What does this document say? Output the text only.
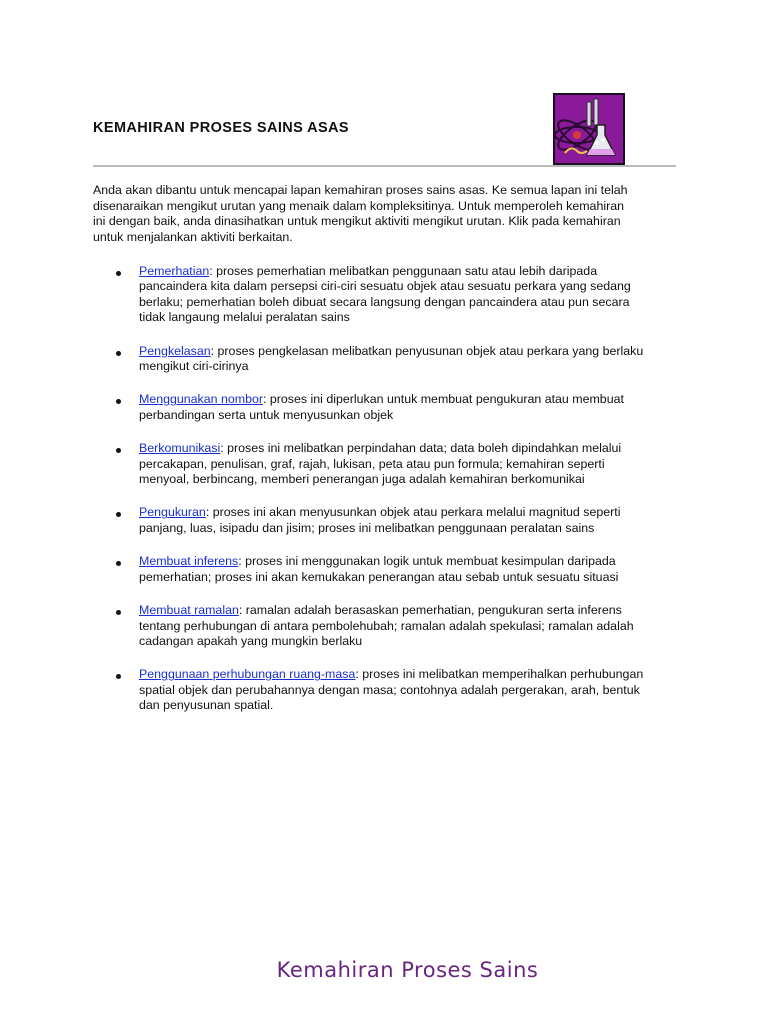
KEMAHIRAN PROSES SAINS ASAS

Anda akan dibantu untuk mencapai lapan kemahiran proses sains asas. Ke semua lapan ini telah disenaraikan mengikut urutan yang menaik dalam kompleksitinya. Untuk memperoleh kemahiran ini dengan baik, anda dinasihatkan untuk mengikut aktiviti mengikut urutan. Klik pada kemahiran untuk menjalankan aktiviti berkaitan.

Pemerhatian: proses pemerhatian melibatkan penggunaan satu atau lebih daripada pancaindera kita dalam persepsi ciri-ciri sesuatu objek atau sesuatu perkara yang sedang berlaku; pemerhatian boleh dibuat secara langsung dengan pancaindera atau pun secara tidak langaung melalui peralatan sains
Pengkelasan: proses pengkelasan melibatkan penyusunan objek atau perkara yang berlaku mengikut ciri-cirinya
Menggunakan nombor: proses ini diperlukan untuk membuat pengukuran atau membuat perbandingan serta untuk menyusunkan objek
Berkomunikasi: proses ini melibatkan perpindahan data; data boleh dipindahkan melalui percakapan, penulisan, graf, rajah, lukisan, peta atau pun formula; kemahiran seperti menyoal, berbincang, memberi penerangan juga adalah kemahiran berkomunikai
Pengukuran: proses ini akan menyusunkan objek atau perkara melalui magnitud seperti panjang, luas, isipadu dan jisim; proses ini melibatkan penggunaan peralatan sains
Membuat inferens: proses ini menggunakan logik untuk membuat kesimpulan daripada pemerhatian; proses ini akan kemukakan penerangan atau sebab untuk sesuatu situasi
Membuat ramalan: ramalan adalah berasaskan pemerhatian, pengukuran serta inferens tentang perhubungan di antara pembolehubah; ramalan adalah spekulasi; ramalan adalah cadangan apakah yang mungkin berlaku
Penggunaan perhubungan ruang-masa: proses ini melibatkan memperihalkan perhubungan spatial objek dan perubahannya dengan masa; contohnya adalah pergerakan, arah, bentuk dan penyusunan spatial.
Kemahiran Proses Sains
